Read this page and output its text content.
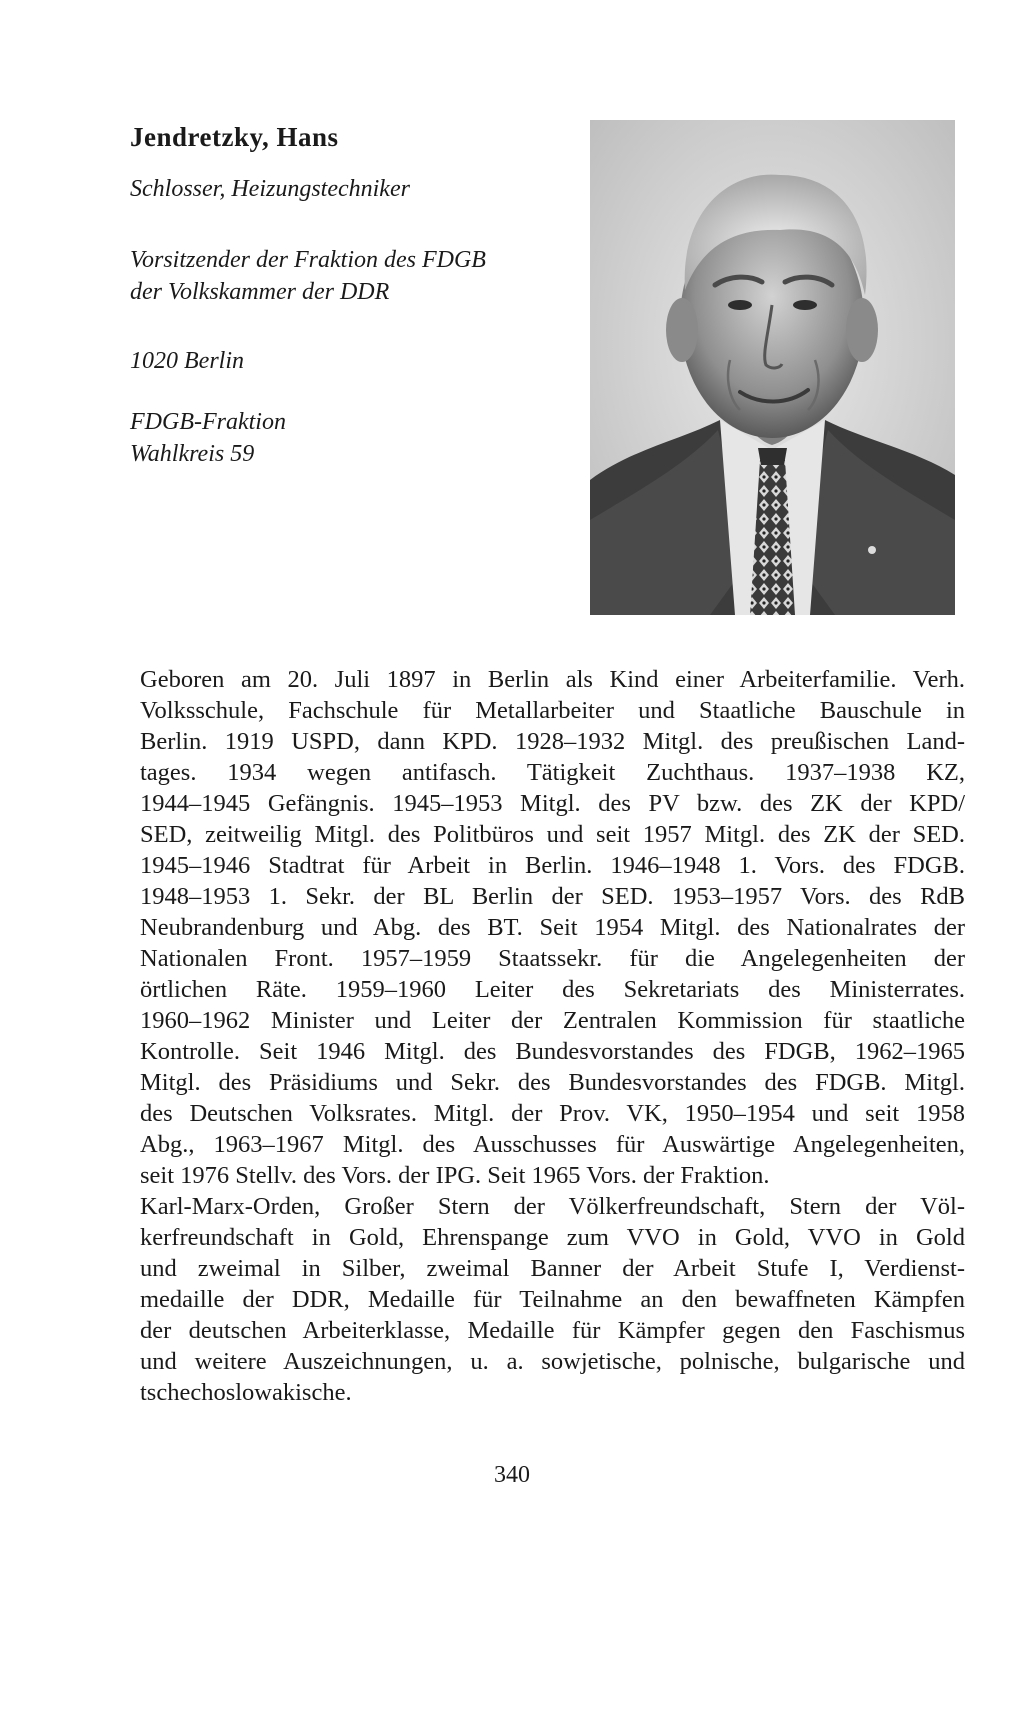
Jendretzky, Hans

Schlosser, Heizungstechniker

Vorsitzender der Fraktion des FDGB

der Volkskammer der DDR

1020 Berlin

FDGB-Fraktion

Wahlkreis 59

Geboren am 20. Juli 1897 in Berlin als Kind einer Arbeiterfamilie. Verh.
Volksschule, Fachschule für Metallarbeiter und Staatliche Bauschule in
Berlin. 1919 USPD, dann KPD. 1928–1932 Mitgl. des preußischen Land-
tages. 1934 wegen antifasch. Tätigkeit Zuchthaus. 1937–1938 KZ,
1944–1945 Gefängnis. 1945–1953 Mitgl. des PV bzw. des ZK der KPD/
SED, zeitweilig Mitgl. des Politbüros und seit 1957 Mitgl. des ZK der SED.
1945–1946 Stadtrat für Arbeit in Berlin. 1946–1948 1. Vors. des FDGB.
1948–1953 1. Sekr. der BL Berlin der SED. 1953–1957 Vors. des RdB
Neubrandenburg und Abg. des BT. Seit 1954 Mitgl. des Nationalrates der
Nationalen Front. 1957–1959 Staatssekr. für die Angelegenheiten der
örtlichen Räte. 1959–1960 Leiter des Sekretariats des Ministerrates.
1960–1962 Minister und Leiter der Zentralen Kommission für staatliche
Kontrolle. Seit 1946 Mitgl. des Bundesvorstandes des FDGB, 1962–1965
Mitgl. des Präsidiums und Sekr. des Bundesvorstandes des FDGB. Mitgl.
des Deutschen Volksrates. Mitgl. der Prov. VK, 1950–1954 und seit 1958
Abg., 1963–1967 Mitgl. des Ausschusses für Auswärtige Angelegenheiten,
seit 1976 Stellv. des Vors. der IPG. Seit 1965 Vors. der Fraktion.
Karl-Marx-Orden, Großer Stern der Völkerfreundschaft, Stern der Völ-
kerfreundschaft in Gold, Ehrenspange zum VVO in Gold, VVO in Gold
und zweimal in Silber, zweimal Banner der Arbeit Stufe I, Verdienst-
medaille der DDR, Medaille für Teilnahme an den bewaffneten Kämpfen
der deutschen Arbeiterklasse, Medaille für Kämpfer gegen den Faschismus
und weitere Auszeichnungen, u. a. sowjetische, polnische, bulgarische und
tschechoslowakische.

340
